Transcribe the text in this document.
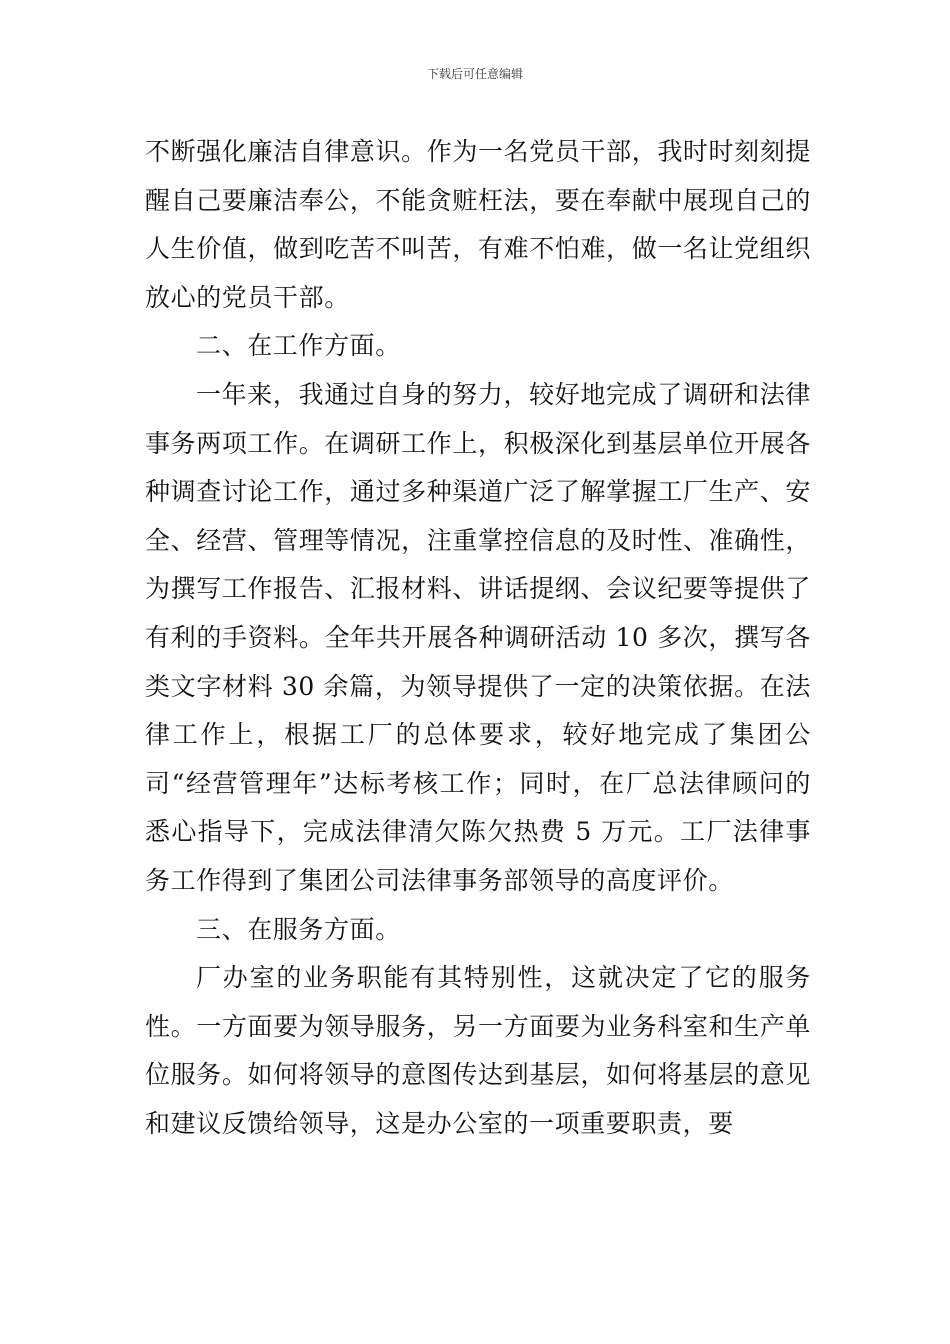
下载后可任意编辑

不断强化廉洁自律意识。作为一名党员干部，我时时刻刻提醒自己要廉洁奉公，不能贪赃枉法，要在奉献中展现自己的人生价值，做到吃苦不叫苦，有难不怕难，做一名让党组织放心的党员干部。

二、在工作方面。

一年来，我通过自身的努力，较好地完成了调研和法律事务两项工作。在调研工作上，积极深化到基层单位开展各种调查讨论工作，通过多种渠道广泛了解掌握工厂生产、安全、经营、管理等情况，注重掌控信息的及时性、准确性，为撰写工作报告、汇报材料、讲话提纲、会议纪要等提供了有利的手资料。全年共开展各种调研活动 10 多次，撰写各类文字材料 30 余篇，为领导提供了一定的决策依据。在法律工作上，根据工厂的总体要求，较好地完成了集团公司“经营管理年”达标考核工作；同时，在厂总法律顾问的悉心指导下，完成法律清欠陈欠热费 5 万元。工厂法律事务工作得到了集团公司法律事务部领导的高度评价。

三、在服务方面。

厂办室的业务职能有其特别性，这就决定了它的服务性。一方面要为领导服务，另一方面要为业务科室和生产单位服务。如何将领导的意图传达到基层，如何将基层的意见和建议反馈给领导，这是办公室的一项重要职责，要
